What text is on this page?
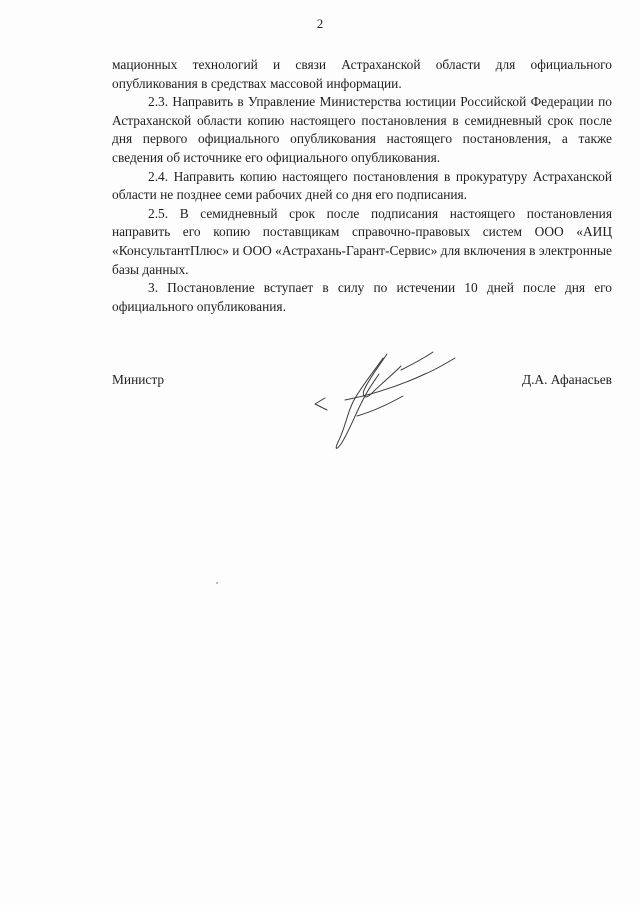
2

мационных технологий и связи Астраханской области для официального опубликования в средствах массовой информации.

2.3. Направить в Управление Министерства юстиции Российской Федерации по Астраханской области копию настоящего постановления в семидневный срок после дня первого официального опубликования настоящего постановления, а также сведения об источнике его официального опубликования.

2.4. Направить копию настоящего постановления в прокуратуру Астраханской области не позднее семи рабочих дней со дня его подписания.

2.5. В семидневный срок после подписания настоящего постановления направить его копию поставщикам справочно-правовых систем ООО «АИЦ «КонсультантПлюс» и ООО «Астрахань-Гарант-Сервис» для включения в электронные базы данных.

3. Постановление вступает в силу по истечении 10 дней после дня его официального опубликования.

Министр	Д.А. Афанасьев
